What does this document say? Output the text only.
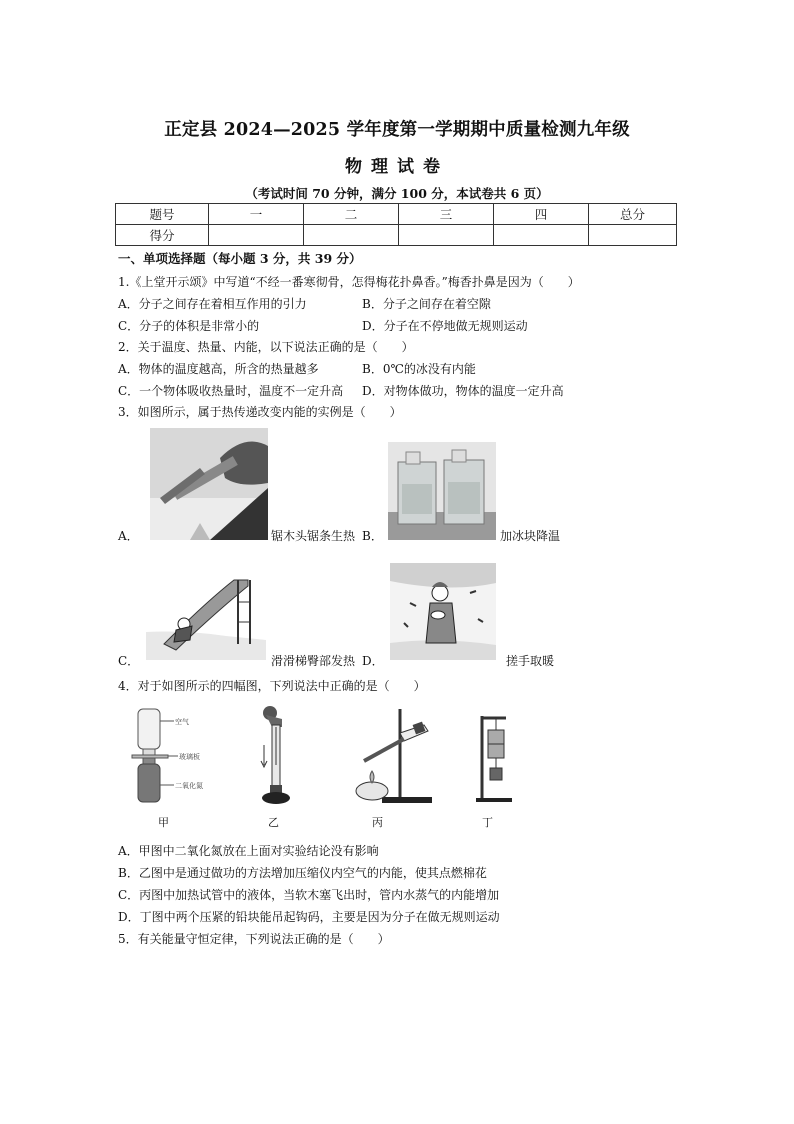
正定县 2024—2025 学年度第一学期期中质量检测九年级
物理试卷
（考试时间 70 分钟，满分 100 分，本试卷共 6 页）
题号	一	二	三	四	总分
得分					
一、单项选择题（每小题 3 分，共 39 分）
1.《上堂开示颂》中写道“不经一番寒彻骨，怎得梅花扑鼻香。”梅香扑鼻是因为（　　）
A．分子之间存在着相互作用的引力	B．分子之间存在着空隙
C．分子的体积是非常小的	D．分子在不停地做无规则运动
2．关于温度、热量、内能，以下说法正确的是（　　）
A．物体的温度越高，所含的热量越多	B．0℃的冰没有内能
C．一个物体吸收热量时，温度不一定升高 D．对物体做功，物体的温度一定升高
3．如图所示，属于热传递改变内能的实例是（　　）
A．	锯木头锯条生热 B．	加冰块降温
C．	滑滑梯臀部发热 D．	搓手取暖
4．对于如图所示的四幅图，下列说法中正确的是（　　）
空气
玻璃板
二氧化氮
甲	乙	丙	丁
A．甲图中二氧化氮放在上面对实验结论没有影响
B．乙图中是通过做功的方法增加压缩仪内空气的内能，使其点燃棉花
C．丙图中加热试管中的液体，当软木塞飞出时，管内水蒸气的内能增加
D．丁图中两个压紧的铅块能吊起钩码，主要是因为分子在做无规则运动
5．有关能量守恒定律，下列说法正确的是（　　）
